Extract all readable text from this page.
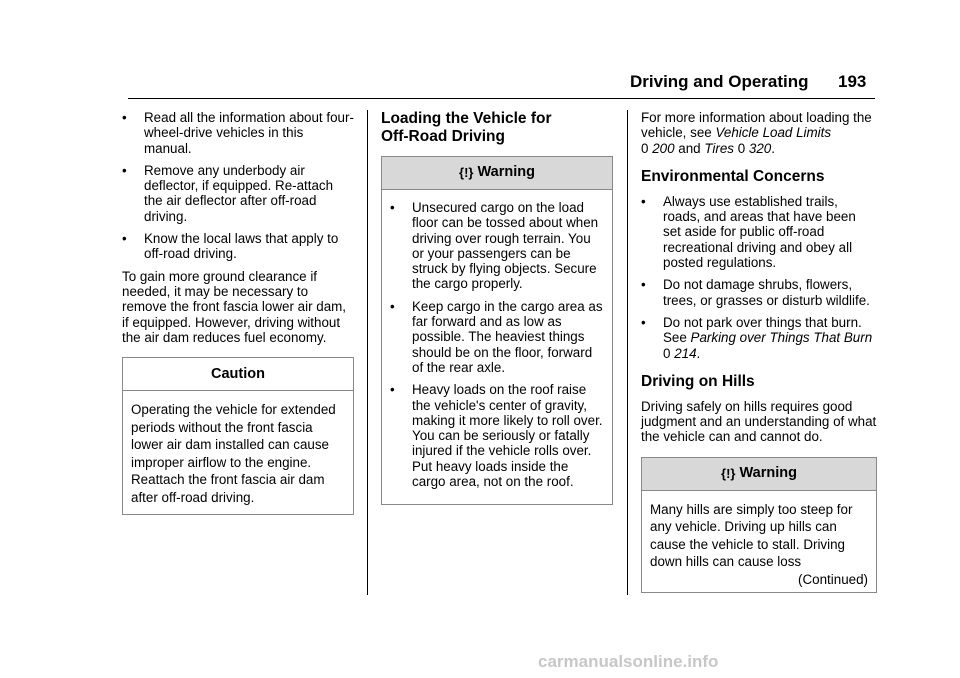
Driving and Operating 193
•	Read all the information about four-wheel-drive vehicles in this manual.
•	Remove any underbody air deflector, if equipped. Re-attach the air deflector after off-road driving.
•	Know the local laws that apply to off-road driving.

To gain more ground clearance if needed, it may be necessary to remove the front fascia lower air dam, if equipped. However, driving without the air dam reduces fuel economy.

Caution
Operating the vehicle for extended periods without the front fascia lower air dam installed can cause improper airflow to the engine. Reattach the front fascia air dam after off-road driving.
Loading the Vehicle for
Off-Road Driving
{!} Warning
•	Unsecured cargo on the load floor can be tossed about when driving over rough terrain. You or your passengers can be struck by flying objects. Secure the cargo properly.
•	Keep cargo in the cargo area as far forward and as low as possible. The heaviest things should be on the floor, forward of the rear axle.
•	Heavy loads on the roof raise the vehicle's center of gravity, making it more likely to roll over. You can be seriously or fatally injured if the vehicle rolls over. Put heavy loads inside the cargo area, not on the roof.

For more information about loading the vehicle, see Vehicle Load Limits
0 200 and Tires 0 320.

Environmental Concerns
•	Always use established trails, roads, and areas that have been set aside for public off-road recreational driving and obey all posted regulations.
•	Do not damage shrubs, flowers, trees, or grasses or disturb wildlife.
•	Do not park over things that burn. See Parking over Things That Burn 0 214.
Driving on Hills

Driving safely on hills requires good judgment and an understanding of what the vehicle can and cannot do.

{!} Warning
Many hills are simply too steep for any vehicle. Driving up hills can cause the vehicle to stall. Driving down hills can cause loss
(Continued)
carmanualsonline.info
